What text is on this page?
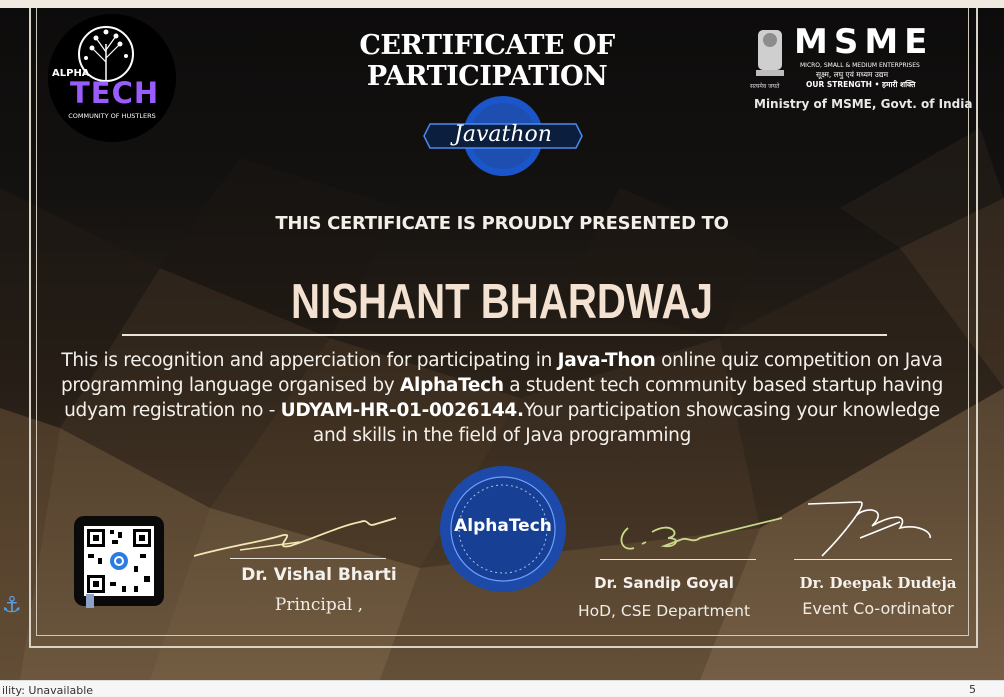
ALPHA
TECH
COMMUNITY OF HUSTLERS
CERTIFICATE OF PARTICIPATION	सत्यमेव जयते
MSME
MICRO, SMALL & MEDIUM ENTERPRISES
सूक्ष्म, लघु एवं मध्यम उद्यम
OUR STRENGTH • हमारी शक्ति
Ministry of MSME, Govt. of India
Javathon
THIS CERTIFICATE IS PROUDLY PRESENTED TO
NISHANT BHARDWAJ
This is recognition and apperciation for participating in Java-Thon online quiz competition on Java programming language organised by AlphaTech a student tech community based startup having udyam registration no - UDYAM-HR-01-0026144.Your participation showcasing your knowledge and skills in the field of Java programming
AlphaTech
Dr. Vishal Bharti
Principal ,
Dr. Sandip Goyal
HoD, CSE Department
Dr. Deepak Dudeja
Event Co-ordinator
⚓
ility: Unavailable	5
